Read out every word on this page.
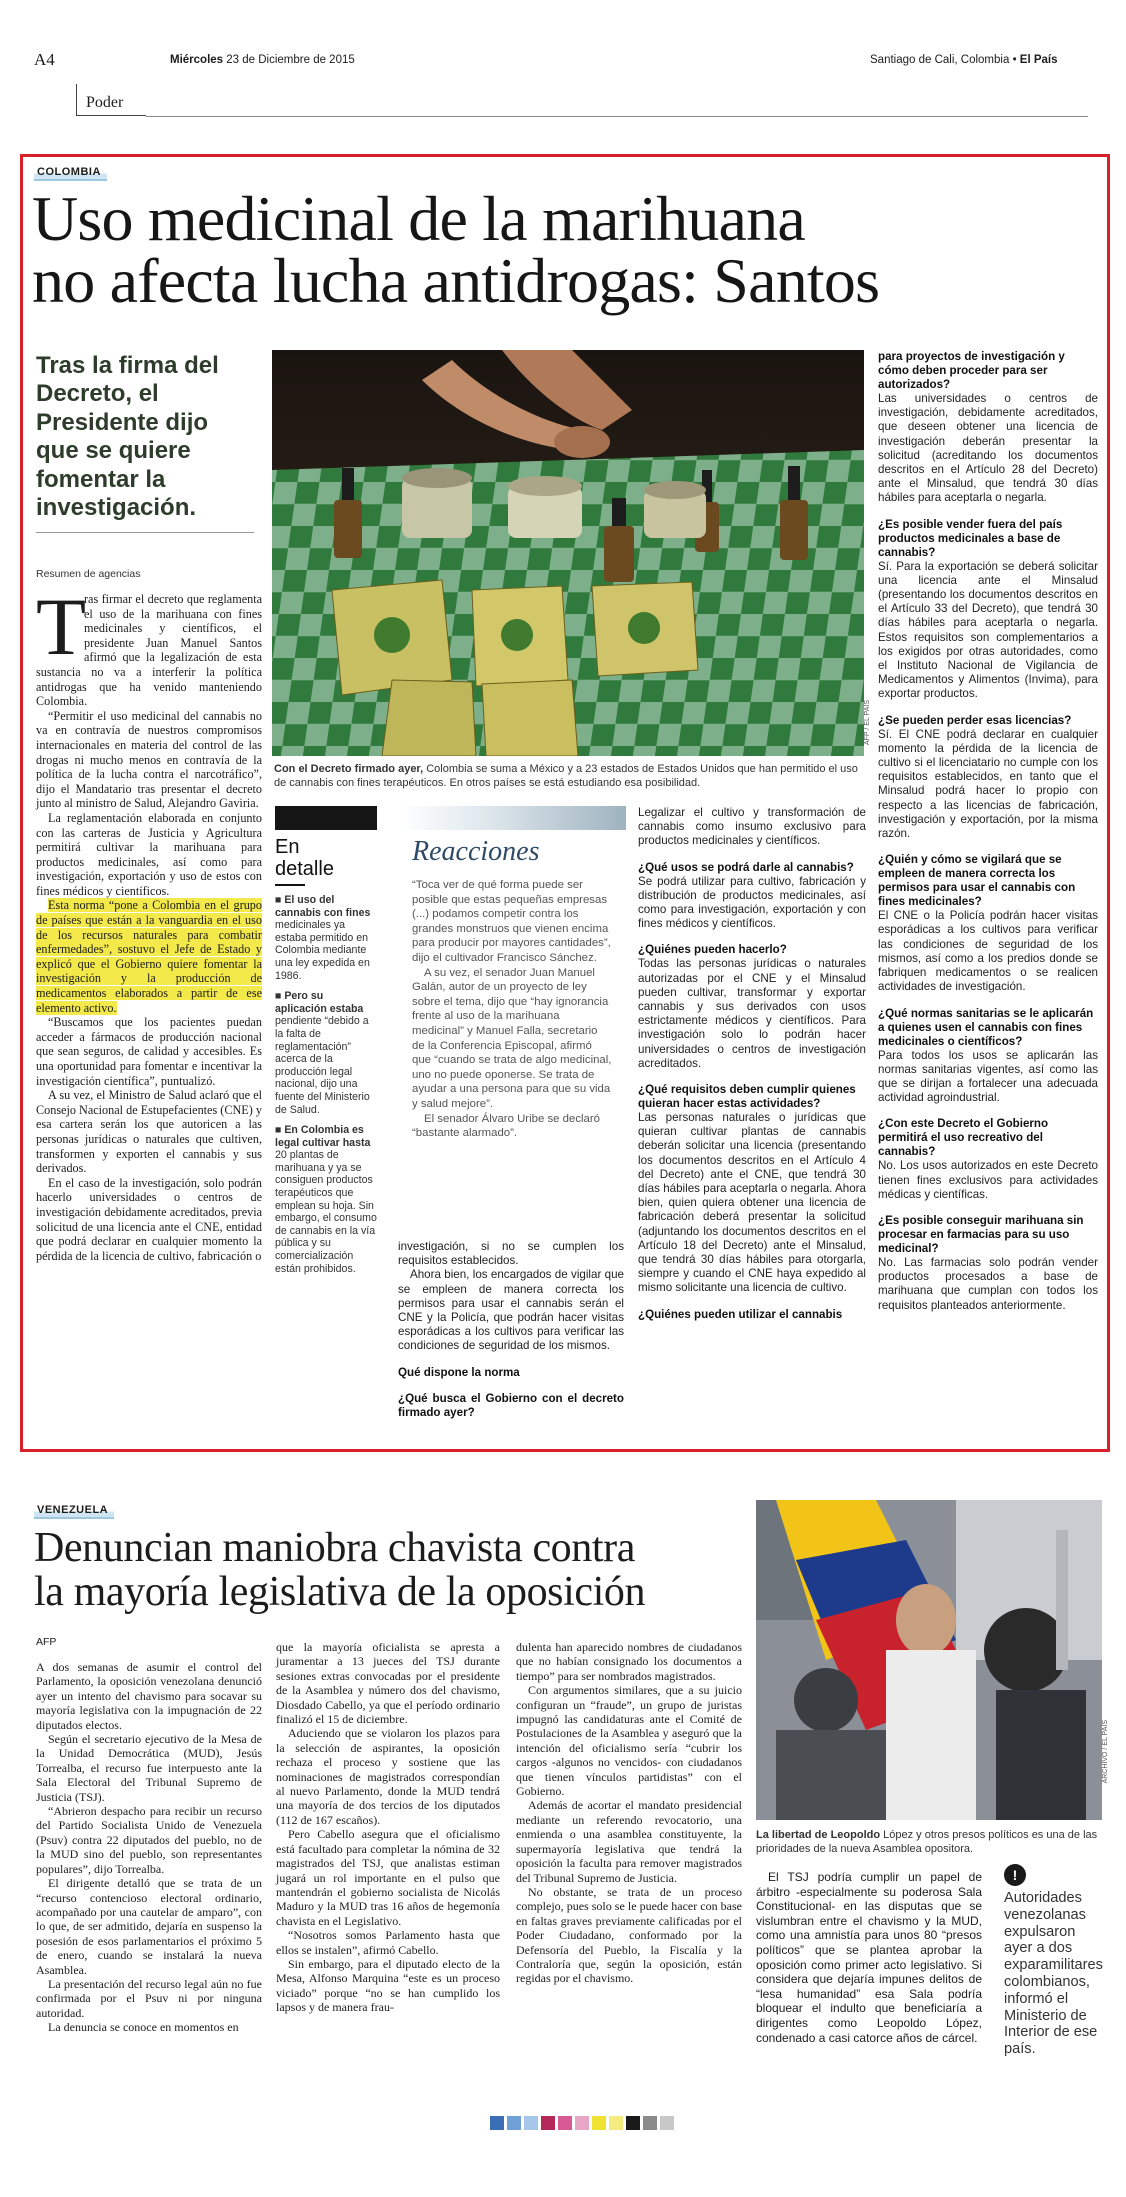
A4	Miércoles 23 de Diciembre de 2015	Santiago de Cali, Colombia • El País
Poder
COLOMBIA
Uso medicinal de la marihuana
no afecta lucha antidrogas: Santos
Tras la firma del Decreto, el Presidente dijo que se quiere fomentar la investigación.
Resumen de agencias
T
ras firmar el decreto que reglamenta el uso de la marihuana con fines medicinales y científicos, el presidente Juan Manuel Santos afirmó que la legalización de esta sustancia no va a interferir la política antidrogas que ha venido manteniendo Colombia.

“Permitir el uso medicinal del cannabis no va en contravía de nuestros compromisos internacionales en materia del control de las drogas ni mucho menos en contravía de la política de la lucha contra el narcotráfico”, dijo el Mandatario tras presentar el decreto junto al ministro de Salud, Alejandro Gaviria.

La reglamentación elaborada en conjunto con las carteras de Justicia y Agricultura permitirá cultivar la marihuana para productos medicinales, así como para investigación, exportación y uso de estos con fines médicos y científicos.

Esta norma “pone a Colombia en el grupo de países que están a la vanguardia en el uso de los recursos naturales para combatir enfermedades”, sostuvo el Jefe de Estado y explicó que el Gobierno quiere fomentar la investigación y la producción de medicamentos elaborados a partir de ese elemento activo.

“Buscamos que los pacientes puedan acceder a fármacos de producción nacional que sean seguros, de calidad y accesibles. Es una oportunidad para fomentar e incentivar la investigación científica”, puntualizó.

A su vez, el Ministro de Salud aclaró que el Consejo Nacional de Estupefacientes (CNE) y esa cartera serán los que autoricen a las personas jurídicas o naturales que cultiven, transformen y exporten el cannabis y sus derivados.

En el caso de la investigación, solo podrán hacerlo universidades o centros de investigación debidamente acreditados, previa solicitud de una licencia ante el CNE, entidad que podrá declarar en cualquier momento la pérdida de la licencia de cultivo, fabricación o

AFP / EL PAÍS
Con el Decreto firmado ayer, Colombia se suma a México y a 23 estados de Estados Unidos que han permitido el uso de cannabis con fines terapéuticos. En otros países se está estudiando esa posibilidad.
En
detalle
■ El uso del cannabis con fines medicinales ya estaba permitido en Colombia mediante una ley expedida en 1986.
■ Pero su aplicación estaba pendiente “debido a la falta de reglamentación” acerca de la producción legal nacional, dijo una fuente del Ministerio de Salud.
■ En Colombia es legal cultivar hasta 20 plantas de marihuana y ya se consiguen productos terapéuticos que emplean su hoja. Sin embargo, el consumo de cannabis en la vía pública y su comercialización están prohibidos.
Reacciones

“Toca ver de qué forma puede ser posible que estas pequeñas empresas (...) podamos competir contra los grandes monstruos que vienen encima para producir por mayores cantidades”, dijo el cultivador Francisco Sánchez.

A su vez, el senador Juan Manuel Galán, autor de un proyecto de ley sobre el tema, dijo que “hay ignorancia frente al uso de la marihuana medicinal” y Manuel Falla, secretario de la Conferencia Episcopal, afirmó que “cuando se trata de algo medicinal, uno no puede oponerse. Se trata de ayudar a una persona para que su vida y salud mejore”.

El senador Álvaro Uribe se declaró “bastante alarmado”.

investigación, si no se cumplen los requisitos establecidos.

Ahora bien, los encargados de vigilar que se empleen de manera correcta los permisos para usar el cannabis serán el CNE y la Policía, que podrán hacer visitas esporádicas a los cultivos para verificar las condiciones de seguridad de los mismos.

Qué dispone la norma
¿Qué busca el Gobierno con el decreto firmado ayer?
Legalizar el cultivo y transformación de cannabis como insumo exclusivo para productos medicinales y científicos.
¿Qué usos se podrá darle al cannabis?
Se podrá utilizar para cultivo, fabricación y distribución de productos medicinales, así como para investigación, exportación y con fines médicos y científicos.
¿Quiénes pueden hacerlo?
Todas las personas jurídicas o naturales autorizadas por el CNE y el Minsalud pueden cultivar, transformar y exportar cannabis y sus derivados con usos estrictamente médicos y científicos. Para investigación solo lo podrán hacer universidades o centros de investigación acreditados.
¿Qué requisitos deben cumplir quienes quieran hacer estas actividades?
Las personas naturales o jurídicas que quieran cultivar plantas de cannabis deberán solicitar una licencia (presentando los documentos descritos en el Artículo 4 del Decreto) ante el CNE, que tendrá 30 días hábiles para aceptarla o negarla. Ahora bien, quien quiera obtener una licencia de fabricación deberá presentar la solicitud (adjuntando los documentos descritos en el Artículo 18 del Decreto) ante el Minsalud, que tendrá 30 días hábiles para otorgarla, siempre y cuando el CNE haya expedido al mismo solicitante una licencia de cultivo.
¿Quiénes pueden utilizar el cannabis
para proyectos de investigación y cómo deben proceder para ser autorizados?
Las universidades o centros de investigación, debidamente acreditados, que deseen obtener una licencia de investigación deberán presentar la solicitud (acreditando los documentos descritos en el Artículo 28 del Decreto) ante el Minsalud, que tendrá 30 días hábiles para aceptarla o negarla.
¿Es posible vender fuera del país productos medicinales a base de cannabis?
Sí. Para la exportación se deberá solicitar una licencia ante el Minsalud (presentando los documentos descritos en el Artículo 33 del Decreto), que tendrá 30 días hábiles para aceptarla o negarla. Estos requisitos son complementarios a los exigidos por otras autoridades, como el Instituto Nacional de Vigilancia de Medicamentos y Alimentos (Invima), para exportar productos.
¿Se pueden perder esas licencias?
Sí. El CNE podrá declarar en cualquier momento la pérdida de la licencia de cultivo si el licenciatario no cumple con los requisitos establecidos, en tanto que el Minsalud podrá hacer lo propio con respecto a las licencias de fabricación, investigación y exportación, por la misma razón.
¿Quién y cómo se vigilará que se empleen de manera correcta los permisos para usar el cannabis con fines medicinales?
El CNE o la Policía podrán hacer visitas esporádicas a los cultivos para verificar las condiciones de seguridad de los mismos, así como a los predios donde se fabriquen medicamentos o se realicen actividades de investigación.
¿Qué normas sanitarias se le aplicarán a quienes usen el cannabis con fines medicinales o científicos?
Para todos los usos se aplicarán las normas sanitarias vigentes, así como las que se dirijan a fortalecer una adecuada actividad agroindustrial.
¿Con este Decreto el Gobierno permitirá el uso recreativo del cannabis?
No. Los usos autorizados en este Decreto tienen fines exclusivos para actividades médicas y científicas.
¿Es posible conseguir marihuana sin procesar en farmacias para su uso medicinal?
No. Las farmacias solo podrán vender productos procesados a base de marihuana que cumplan con todos los requisitos planteados anteriormente.
VENEZUELA
Denuncian maniobra chavista contra
la mayoría legislativa de la oposición
AFP

A dos semanas de asumir el control del Parlamento, la oposición venezolana denunció ayer un intento del chavismo para socavar su mayoría legislativa con la impugnación de 22 diputados electos.

Según el secretario ejecutivo de la Mesa de la Unidad Democrática (MUD), Jesús Torrealba, el recurso fue interpuesto ante la Sala Electoral del Tribunal Supremo de Justicia (TSJ).

“Abrieron despacho para recibir un recurso del Partido Socialista Unido de Venezuela (Psuv) contra 22 diputados del pueblo, no de la MUD sino del pueblo, son representantes populares”, dijo Torrealba.

El dirigente detalló que se trata de un “recurso contencioso electoral ordinario, acompañado por una cautelar de amparo”, con lo que, de ser admitido, dejaría en suspenso la posesión de esos parlamentarios el próximo 5 de enero, cuando se instalará la nueva Asamblea.

La presentación del recurso legal aún no fue confirmada por el Psuv ni por ninguna autoridad.

La denuncia se conoce en momentos en

que la mayoría oficialista se apresta a juramentar a 13 jueces del TSJ durante sesiones extras convocadas por el presidente de la Asamblea y número dos del chavismo, Diosdado Cabello, ya que el período ordinario finalizó el 15 de diciembre.

Aduciendo que se violaron los plazos para la selección de aspirantes, la oposición rechaza el proceso y sostiene que las nominaciones de magistrados correspondían al nuevo Parlamento, donde la MUD tendrá una mayoría de dos tercios de los diputados (112 de 167 escaños).

Pero Cabello asegura que el oficialismo está facultado para completar la nómina de 32 magistrados del TSJ, que analistas estiman jugará un rol importante en el pulso que mantendrán el gobierno socialista de Nicolás Maduro y la MUD tras 16 años de hegemonía chavista en el Legislativo.

“Nosotros somos Parlamento hasta que ellos se instalen”, afirmó Cabello.

Sin embargo, para el diputado electo de la Mesa, Alfonso Marquina “este es un proceso viciado” porque “no se han cumplido los lapsos y de manera frau-

dulenta han aparecido nombres de ciudadanos que no habían consignado los documentos a tiempo” para ser nombrados magistrados.

Con argumentos similares, que a su juicio configuran un “fraude”, un grupo de juristas impugnó las candidaturas ante el Comité de Postulaciones de la Asamblea y aseguró que la intención del oficialismo sería “cubrir los cargos -algunos no vencidos- con ciudadanos que tienen vínculos partidistas” con el Gobierno.

Además de acortar el mandato presidencial mediante un referendo revocatorio, una enmienda o una asamblea constituyente, la supermayoría legislativa que tendrá la oposición la faculta para remover magistrados del Tribunal Supremo de Justicia.

No obstante, se trata de un proceso complejo, pues solo se le puede hacer con base en faltas graves previamente calificadas por el Poder Ciudadano, conformado por la Defensoría del Pueblo, la Fiscalía y la Contraloría que, según la oposición, están regidas por el chavismo.

ARCHIVO / EL PAÍS
La libertad de Leopoldo López y otros presos políticos es una de las prioridades de la nueva Asamblea opositora.
El TSJ podría cumplir un papel de árbitro -especialmente su poderosa Sala Constitucional- en las disputas que se vislumbran entre el chavismo y la MUD, como una amnistía para unos 80 “presos políticos” que se plantea aprobar la oposición como primer acto legislativo. Si considera que dejaría impunes delitos de “lesa humanidad” esa Sala podría bloquear el indulto que beneficiaría a dirigentes como Leopoldo López, condenado a casi catorce años de cárcel.
!
Autoridades venezolanas expulsaron ayer a dos exparamilitares colombianos, informó el Ministerio de Interior de ese país.
